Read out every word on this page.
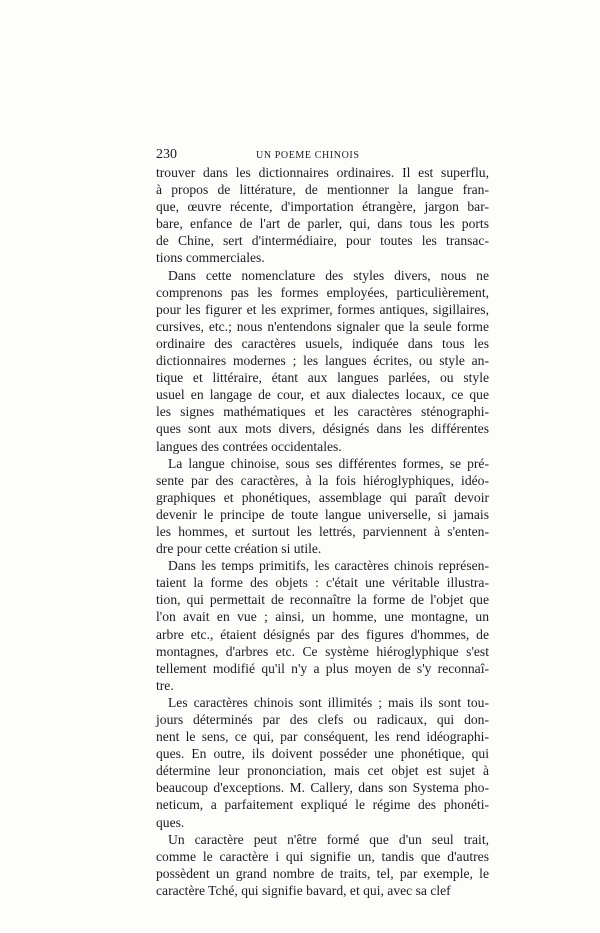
230	UN POEME CHINOIS
trouver dans les dictionnaires ordinaires. Il est superflu,
à propos de littérature, de mentionner la langue fran-
que, œuvre récente, d'importation étrangère, jargon bar-
bare, enfance de l'art de parler, qui, dans tous les ports
de Chine, sert d'intermédiaire, pour toutes les transac-
tions commerciales.
Dans cette nomenclature des styles divers, nous ne
comprenons pas les formes employées, particulièrement,
pour les figurer et les exprimer, formes antiques, sigillaires,
cursives, etc.; nous n'entendons signaler que la seule forme
ordinaire des caractères usuels, indiquée dans tous les
dictionnaires modernes ; les langues écrites, ou style an-
tique et littéraire, étant aux langues parlées, ou style
usuel en langage de cour, et aux dialectes locaux, ce que
les signes mathématiques et les caractères sténographi-
ques sont aux mots divers, désignés dans les différentes
langues des contrées occidentales.
La langue chinoise, sous ses différentes formes, se pré-
sente par des caractères, à la fois hiéroglyphiques, idéo-
graphiques et phonétiques, assemblage qui paraît devoir
devenir le principe de toute langue universelle, si jamais
les hommes, et surtout les lettrés, parviennent à s'enten-
dre pour cette création si utile.
Dans les temps primitifs, les caractères chinois représen-
taient la forme des objets : c'était une véritable illustra-
tion, qui permettait de reconnaître la forme de l'objet que
l'on avait en vue ; ainsi, un homme, une montagne, un
arbre etc., étaient désignés par des figures d'hommes, de
montagnes, d'arbres etc. Ce système hiéroglyphique s'est
tellement modifié qu'il n'y a plus moyen de s'y reconnaî-
tre.
Les caractères chinois sont illimités ; mais ils sont tou-
jours déterminés par des clefs ou radicaux, qui don-
nent le sens, ce qui, par conséquent, les rend idéographi-
ques. En outre, ils doivent posséder une phonétique, qui
détermine leur prononciation, mais cet objet est sujet à
beaucoup d'exceptions. M. Callery, dans son Systema pho-
neticum, a parfaitement expliqué le régime des phonéti-
ques.
Un caractère peut n'être formé que d'un seul trait,
comme le caractère i qui signifie un, tandis que d'autres
possèdent un grand nombre de traits, tel, par exemple, le
caractère Tché, qui signifie bavard, et qui, avec sa clef
